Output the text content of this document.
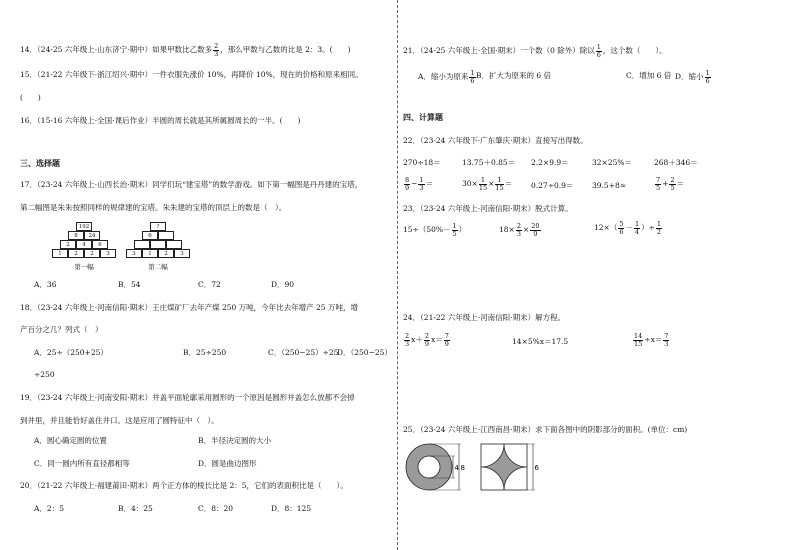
14．（24-25 六年级上·山东济宁·期中）如果甲数比乙数多 $\frac{2}{3}$ ，那么甲数与乙数的比是 2：3。(　　)
15．（21-22 六年级下·浙江绍兴·期中）一件衣服先涨价 10%，再降价 10%，现在的价格和原来相同。
(　　)
16．（15-16 六年级上·全国·课后作业）半圆的周长就是其所属圆周长的一半。(　　)
三、选择题
17．（23-24 六年级上·山西长治·期末）同学们玩“建宝塔”的数学游戏。如下第一幅图是丹丹建的宝塔，
第二幅图是朱朱按照同样的规律建的宝塔。朱朱建的宝塔的顶层上的数是（　）。
192
8	24
2	4	6
1	2	2	3
第一幅
?
6
3	1	2	3
第二幅
A．36	B．54	C．72	D．90
18．（23-24 六年级上·河南信阳·期末）王庄煤矿厂去年产煤 250 万吨，今年比去年增产 25 万吨，增
产百分之几？列式（　）
A．25÷（250+25）	B．25÷250	C．（250−25）÷25
D．（250−25）
÷250
19．（23-24 六年级上·河南安阳·期末）井盖平面轮廓采用圆形的一个原因是圆形井盖怎么放都不会掉
到井里，并且能恰好盖住井口。这是应用了圆特征中（　）。
A．圆心确定圆的位置	B．半径决定圆的大小
C．同一圆内所有直径都相等	D．圆是曲边图形
20．（21-22 六年级上·福建莆田·期末）两个正方体的棱长比是 2：5，它们的表面积比是（　　）。
A．2：5	B．4：25	C．8：20	D．8：125
21．（24-25 六年级上·全国·期末）一个数（0 除外）除以 $\frac{1}{6}$ ，这个数（　　）。
A．缩小为原来 $\frac{1}{6}$ B．扩大为原来的 6 倍	C．增加 6 倍 D．缩小 $\frac{1}{6}$
四、计算题
22．（23-24 六年级下·广东肇庆·期末）直接写出得数。
270÷18＝	13.75＋0.85＝ 2.2×9.9＝	32×25%＝	268＋346＝
$\frac{8}{9} - \frac{1}{3}$ ＝	$30\times \frac{1}{15} \times \frac{1}{15}$ ＝	0.27÷0.9＝ 39.5+8≈	$\frac{7}{5} + \frac{2}{5}$ ＝
23．（23-24 六年级上·河南信阳·期末）脱式计算。
$15\div(50\%- \frac{1}{5}$ ）	$18\times \frac{2}{3} \times \frac{20}{9}$	$12\times( \frac{5}{6} - \frac{1}{4}$ ）÷ $\frac{1}{2}$
24．（21-22 六年级上·河南信阳·期末）解方程。
$\frac{2}{3} x+ \frac{2}{9} x= \frac{7}{9}$	14×5%x＝17.5	$\frac{14}{15} \div x= \frac{7}{3}$
25．（23-24 六年级上·江西南昌·期末）求下面各图中的阴影部分的面积。(单位：cm)
4 8	6
